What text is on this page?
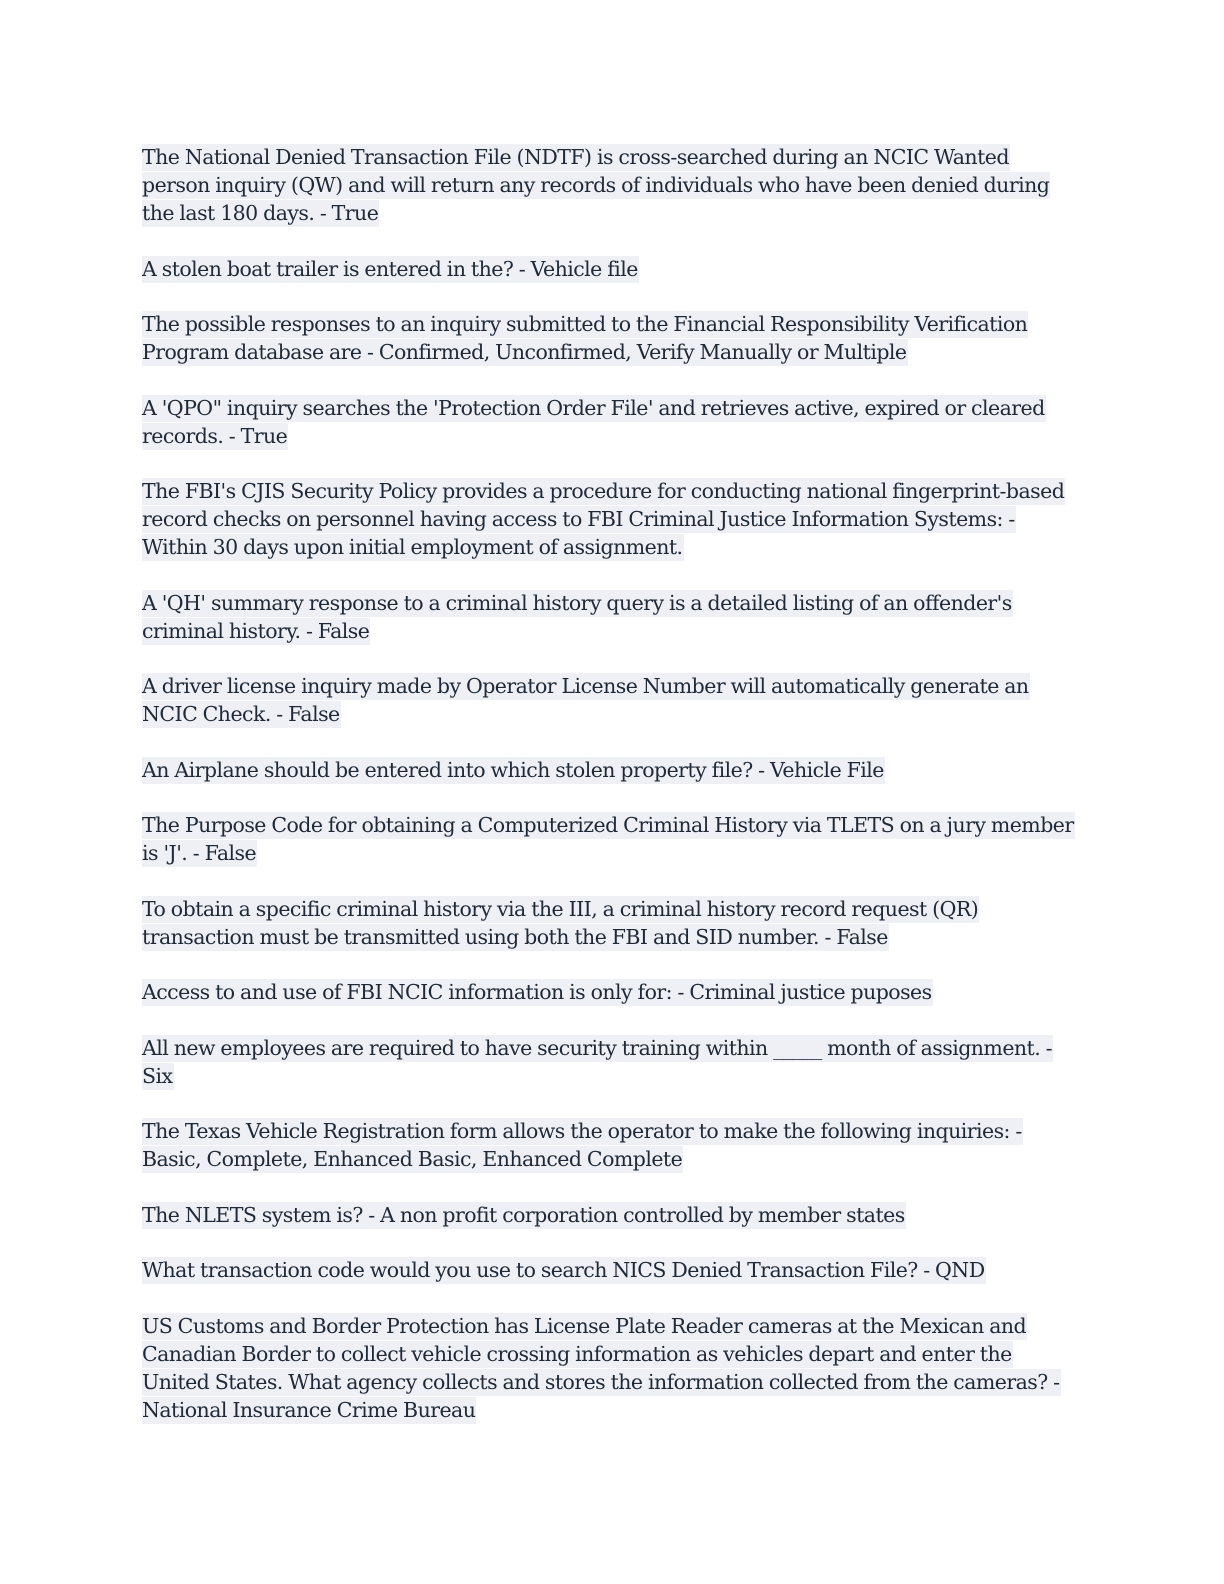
The National Denied Transaction File (NDTF) is cross-searched during an NCIC Wanted person inquiry (QW) and will return any records of individuals who have been denied during the last 180 days. - True

A stolen boat trailer is entered in the? - Vehicle file

The possible responses to an inquiry submitted to the Financial Responsibility Verification Program database are - Confirmed, Unconfirmed, Verify Manually or Multiple

A 'QPO" inquiry searches the 'Protection Order File' and retrieves active, expired or cleared records. - True

The FBI's CJIS Security Policy provides a procedure for conducting national fingerprint-based record checks on personnel having access to FBI Criminal Justice Information Systems: - Within 30 days upon initial employment of assignment.

A 'QH' summary response to a criminal history query is a detailed listing of an offender's criminal history. - False

A driver license inquiry made by Operator License Number will automatically generate an NCIC Check. - False

An Airplane should be entered into which stolen property file? - Vehicle File

The Purpose Code for obtaining a Computerized Criminal History via TLETS on a jury member is 'J'. - False

To obtain a specific criminal history via the III, a criminal history record request (QR) transaction must be transmitted using both the FBI and SID number. - False

Access to and use of FBI NCIC information is only for: - Criminal justice puposes

All new employees are required to have security training within _____ month of assignment. - Six

The Texas Vehicle Registration form allows the operator to make the following inquiries: - Basic, Complete, Enhanced Basic, Enhanced Complete

The NLETS system is? - A non profit corporation controlled by member states

What transaction code would you use to search NICS Denied Transaction File? - QND

US Customs and Border Protection has License Plate Reader cameras at the Mexican and Canadian Border to collect vehicle crossing information as vehicles depart and enter the United States. What agency collects and stores the information collected from the cameras? - National Insurance Crime Bureau
